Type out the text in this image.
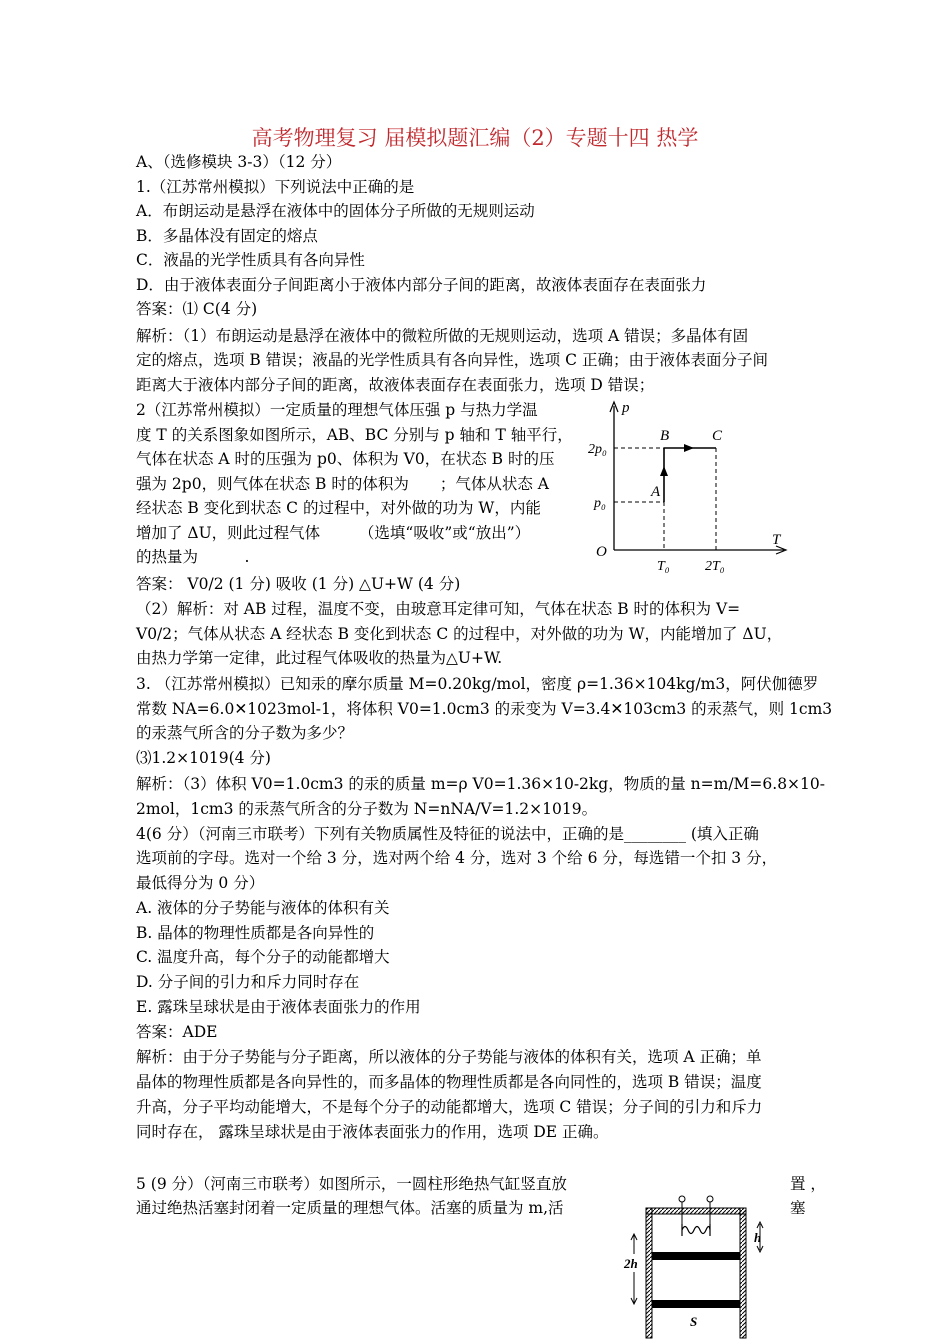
高考物理复习 届模拟题汇编（2）专题十四 热学
A、（选修模块 3-3）（12 分）
1.（江苏常州模拟）下列说法中正确的是
A．布朗运动是悬浮在液体中的固体分子所做的无规则运动
B．多晶体没有固定的熔点
C．液晶的光学性质具有各向异性
D．由于液体表面分子间距离小于液体内部分子间的距离，故液体表面存在表面张力
答案：⑴ C(4 分)
解析：（1）布朗运动是悬浮在液体中的微粒所做的无规则运动，选项 A 错误；多晶体有固
定的熔点，选项 B 错误；液晶的光学性质具有各向异性，选项 C 正确；由于液体表面分子间
距离大于液体内部分子间的距离，故液体表面存在表面张力，选项 D 错误；
2（江苏常州模拟）一定质量的理想气体压强 p 与热力学温
度 T 的关系图象如图所示，AB、BC 分别与 p 轴和 T 轴平行，
气体在状态 A 时的压强为 p0、体积为 V0，在状态 B 时的压
强为 2p0，则气体在状态 B 时的体积为　　；气体从状态 A
经状态 B 变化到状态 C 的过程中，对外做的功为 W，内能
增加了 ΔU，则此过程气体　　　（选填“吸收”或“放出”）
的热量为　　　.
p
T
O
2p₀
p₀
T₀	2T₀
A
B	C
答案： V0/2 (1 分) 吸收 (1 分) △U+W (4 分)
（2）解析：对 AB 过程，温度不变，由玻意耳定律可知，气体在状态 B 时的体积为 V=
V0/2；气体从状态 A 经状态 B 变化到状态 C 的过程中，对外做的功为 W，内能增加了 ΔU，
由热力学第一定律，此过程气体吸收的热量为△U+W.
3. （江苏常州模拟）已知汞的摩尔质量 M=0.20kg/mol，密度 ρ=1.36×104kg/m3，阿伏伽德罗
常数 NA=6.0✕1023mol-1，将体积 V0=1.0cm3 的汞变为 V=3.4✕103cm3 的汞蒸气，则 1cm3
的汞蒸气所含的分子数为多少？
⑶1.2×1019(4 分)
解析：（3）体积 V0=1.0cm3 的汞的质量 m=ρ V0=1.36×10-2kg，物质的量 n=m/M=6.8×10-
2mol，1cm3 的汞蒸气所含的分子数为 N=nNA/V=1.2×1019。
4(6 分）（河南三市联考）下列有关物质属性及特征的说法中，正确的是________ (填入正确
选项前的字母。选对一个给 3 分，选对两个给 4 分，选对 3 个给 6 分，每选错一个扣 3 分，
最低得分为 0 分）
A. 液体的分子势能与液体的体积有关
B. 晶体的物理性质都是各向异性的
C. 温度升高，每个分子的动能都增大
D. 分子间的引力和斥力同时存在
E. 露珠呈球状是由于液体表面张力的作用
答案：ADE
解析：由于分子势能与分子距离，所以液体的分子势能与液体的体积有关，选项 A 正确；单
晶体的物理性质都是各向异性的，而多晶体的物理性质都是各向同性的，选项 B 错误；温度
升高，分子平均动能增大，不是每个分子的动能都增大，选项 C 错误；分子间的引力和斥力
同时存在， 露珠呈球状是由于液体表面张力的作用，选项 DE 正确。
5 (9 分）（河南三市联考）如图所示，一圆柱形绝热气缸竖直放	置 ，
通过绝热活塞封闭着一定质量的理想气体。活塞的质量为 m,活	塞
h
2h
S
